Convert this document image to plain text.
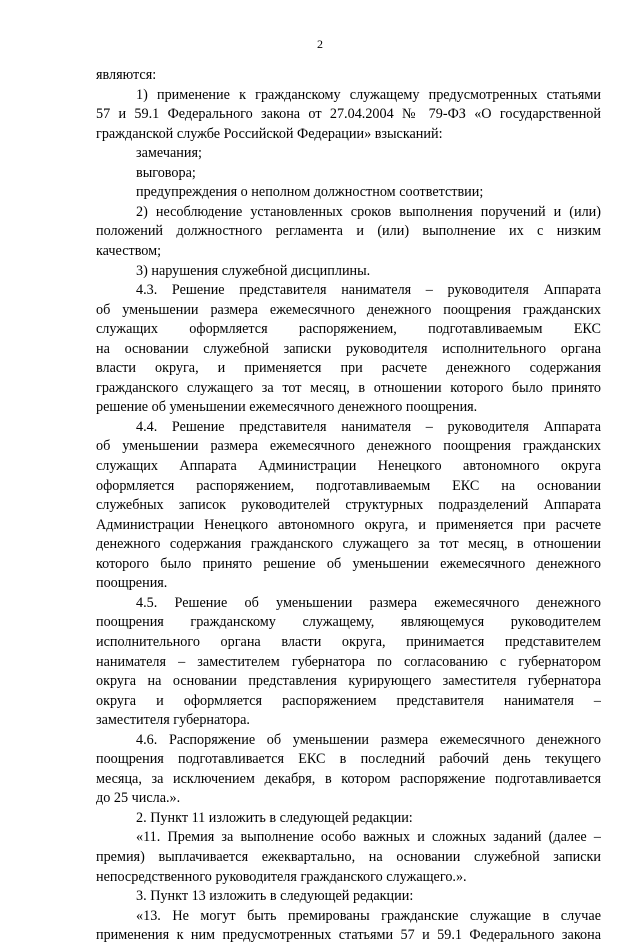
2
являются:
1) применение к гражданскому служащему предусмотренных статьями
57 и 59.1 Федерального закона от 27.04.2004 № 79-ФЗ «О государственной
гражданской службе Российской Федерации» взысканий:
замечания;
выговора;
предупреждения о неполном должностном соответствии;
2) несоблюдение установленных сроков выполнения поручений и (или)
положений должностного регламента и (или) выполнение их с низким
качеством;
3) нарушения служебной дисциплины.
4.3. Решение представителя нанимателя – руководителя Аппарата
об уменьшении размера ежемесячного денежного поощрения гражданских
служащих оформляется распоряжением, подготавливаемым ЕКС
на основании служебной записки руководителя исполнительного органа
власти округа, и применяется при расчете денежного содержания
гражданского служащего за тот месяц, в отношении которого было принято
решение об уменьшении ежемесячного денежного поощрения.
4.4. Решение представителя нанимателя – руководителя Аппарата
об уменьшении размера ежемесячного денежного поощрения гражданских
служащих Аппарата Администрации Ненецкого автономного округа
оформляется распоряжением, подготавливаемым ЕКС на основании
служебных записок руководителей структурных подразделений Аппарата
Администрации Ненецкого автономного округа, и применяется при расчете
денежного содержания гражданского служащего за тот месяц, в отношении
которого было принято решение об уменьшении ежемесячного денежного
поощрения.
4.5. Решение об уменьшении размера ежемесячного денежного
поощрения гражданскому служащему, являющемуся руководителем
исполнительного органа власти округа, принимается представителем
нанимателя – заместителем губернатора по согласованию с губернатором
округа на основании представления курирующего заместителя губернатора
округа и оформляется распоряжением представителя нанимателя –
заместителя губернатора.
4.6. Распоряжение об уменьшении размера ежемесячного денежного
поощрения подготавливается ЕКС в последний рабочий день текущего
месяца, за исключением декабря, в котором распоряжение подготавливается
до 25 числа.».
2. Пункт 11 изложить в следующей редакции:
«11. Премия за выполнение особо важных и сложных заданий (далее –
премия) выплачивается ежеквартально, на основании служебной записки
непосредственного руководителя гражданского служащего.».
3. Пункт 13 изложить в следующей редакции:
«13. Не могут быть премированы гражданские служащие в случае
применения к ним предусмотренных статьями 57 и 59.1 Федерального закона
